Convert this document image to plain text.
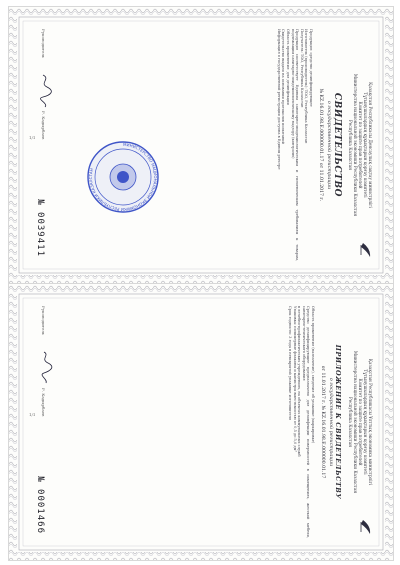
Қазақстан Республикасы Денсаулық сақтау министрлігі
Тұтынушылардың құқықтарын қорғау комитеті
Комитет по защите прав потребителей
Министерства национальной экономики Республики Казахстан
Республика Казахстан
СВИДЕТЕЛЬСТВО
о государственной регистрации
№ KZ.16.01.98.E.000000.01.17 от 11.01.2017 г.
Продукция: средство дезинфицирующее
Изготовитель (производитель): ТОО, Республика Казахстан
Получатель: ТОО, Республика Казахстан
Продукция соответствует Единым санитарно-эпидемиологическим и гигиеническим требованиям к товарам, подлежащим санитарно-эпидемиологическому надзору (контролю)
Область применения: для дезинфекции
Свидетельство выдано на основании протоколов испытаний
Информация о государственной регистрации доступна в Едином реестре
Руководитель
Р. Кадырбаев
№ 0039411
МИНИСТЕРСТВО НАЦИОНАЛЬНОЙ ЭКОНОМИКИ РЕСПУБЛИКИ КАЗАХСТАН
1/1
Қазақстан Республикасы Ұлттық экономика министрлігі
Тұтынушылардың құқықтарын қорғау комитеті
Комитет по защите прав потребителей
Министерства национальной экономики Республики Казахстан
Республика Казахстан
ПРИЛОЖЕНИЕ К СВИДЕТЕЛЬСТВУ
о государственной регистрации
от 11.01.2017 г. № KZ.16.01.98.E.000000.01.17
Область применения (назначение), сведения об упаковке (маркировке)
Средство дезинфицирующее предназначено для дезинфекции поверхностей в помещениях, жесткой мебели, санитарно-технического оборудования
в лечебно-профилактических учреждениях, на объектах коммунальных служб
Упаковка: полимерные флаконы и канистры вместимостью от 0,5 до 5,0 дм³
Срок годности: 3 года в невскрытой упаковке изготовителя
Руководитель
Р. Кадырбаев
№ 0001466
1/1
